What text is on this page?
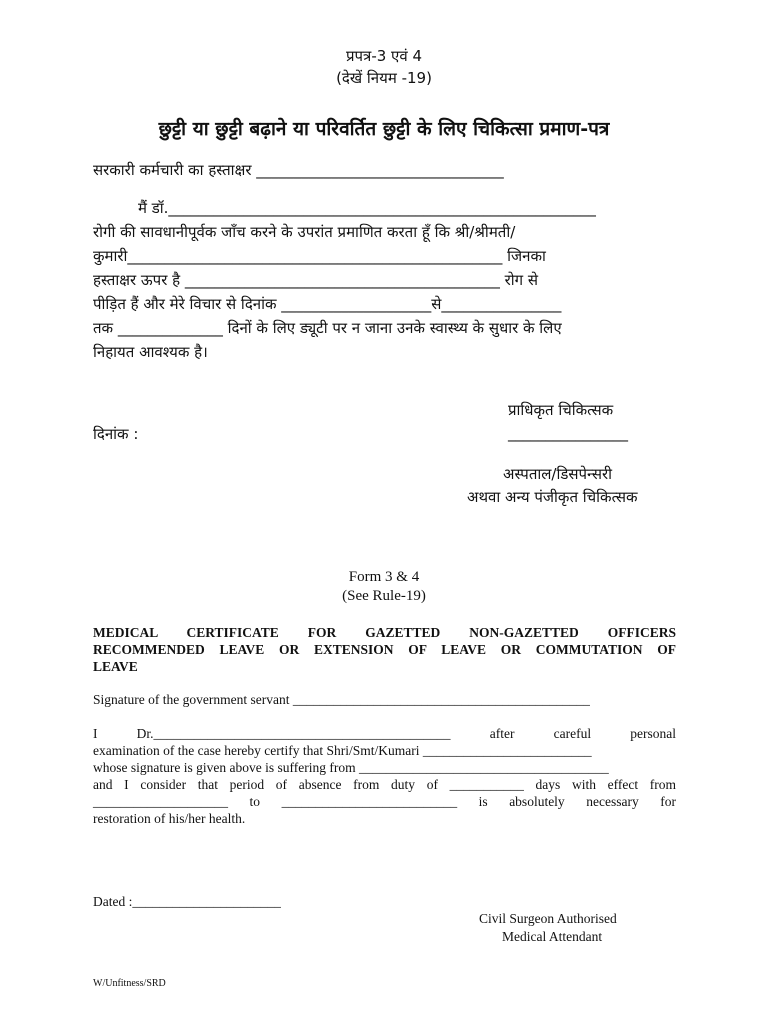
प्रपत्र-3 एवं 4
(देखें नियम -19)
छुट्टी या छुट्टी बढ़ाने या परिवर्तित छुट्टी के लिए चिकित्सा प्रमाण-पत्र
सरकारी कर्मचारी का हस्ताक्षर _________________________________
मैं डॉ._________________________________________________________
रोगी की सावधानीपूर्वक जाँच करने के उपरांत प्रमाणित करता हूँ कि श्री/श्रीमती/
कुमारी__________________________________________________ जिनका
हस्ताक्षर ऊपर है __________________________________________ रोग से
पीड़ित हैं और मेरे विचार से दिनांक ____________________से________________
तक ______________ दिनों के लिए ड्यूटी पर न जाना उनके स्वास्थ्य के सुधार के लिए
निहायत आवश्यक है।
प्राधिकृत चिकित्सक
दिनांक :	________________
अस्पताल/डिसपेन्सरी
अथवा अन्य पंजीकृत चिकित्सक
Form 3 & 4
(See Rule-19)
MEDICAL CERTIFICATE FOR GAZETTED NON-GAZETTED OFFICERS
RECOMMENDED LEAVE OR EXTENSION OF LEAVE OR COMMUTATION OF
LEAVE
Signature of the government servant ____________________________________________
I Dr.____________________________________________ after careful personal
examination of the case hereby certify that Shri/Smt/Kumari _________________________
whose signature is given above is suffering from _____________________________________
and I consider that period of absence from duty of ___________ days with effect from
____________________ to __________________________ is absolutely necessary for
restoration of his/her health.
Dated :______________________
Civil Surgeon Authorised
Medical Attendant
W/Unfitness/SRD
